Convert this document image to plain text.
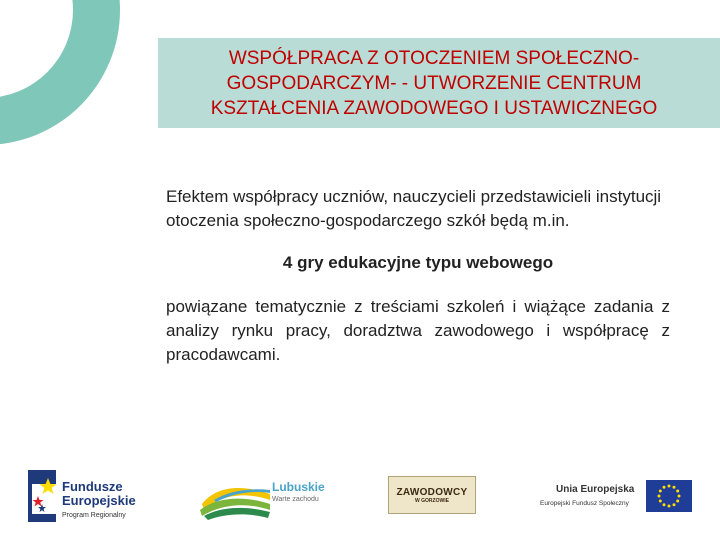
WSPÓŁPRACA Z OTOCZENIEM SPOŁECZNO-
GOSPODARCZYM- - UTWORZENIE CENTRUM
KSZTAŁCENIA ZAWODOWEGO I USTAWICZNEGO

Efektem współpracy uczniów, nauczycieli przedstawicieli instytucji otoczenia społeczno-gospodarczego szkół będą m.in.

4 gry edukacyjne typu webowego

powiązane tematycznie z treściami szkoleń i wiążące zadania z analizy rynku pracy, doradztwa zawodowego i współpracę z pracodawcami.

Fundusze
Europejskie
Program Regionalny
Lubuskie
Warte zachodu
ZAWODOWCY
W GORZOWIE
Unia Europejska
Europejski Fundusz Społeczny
